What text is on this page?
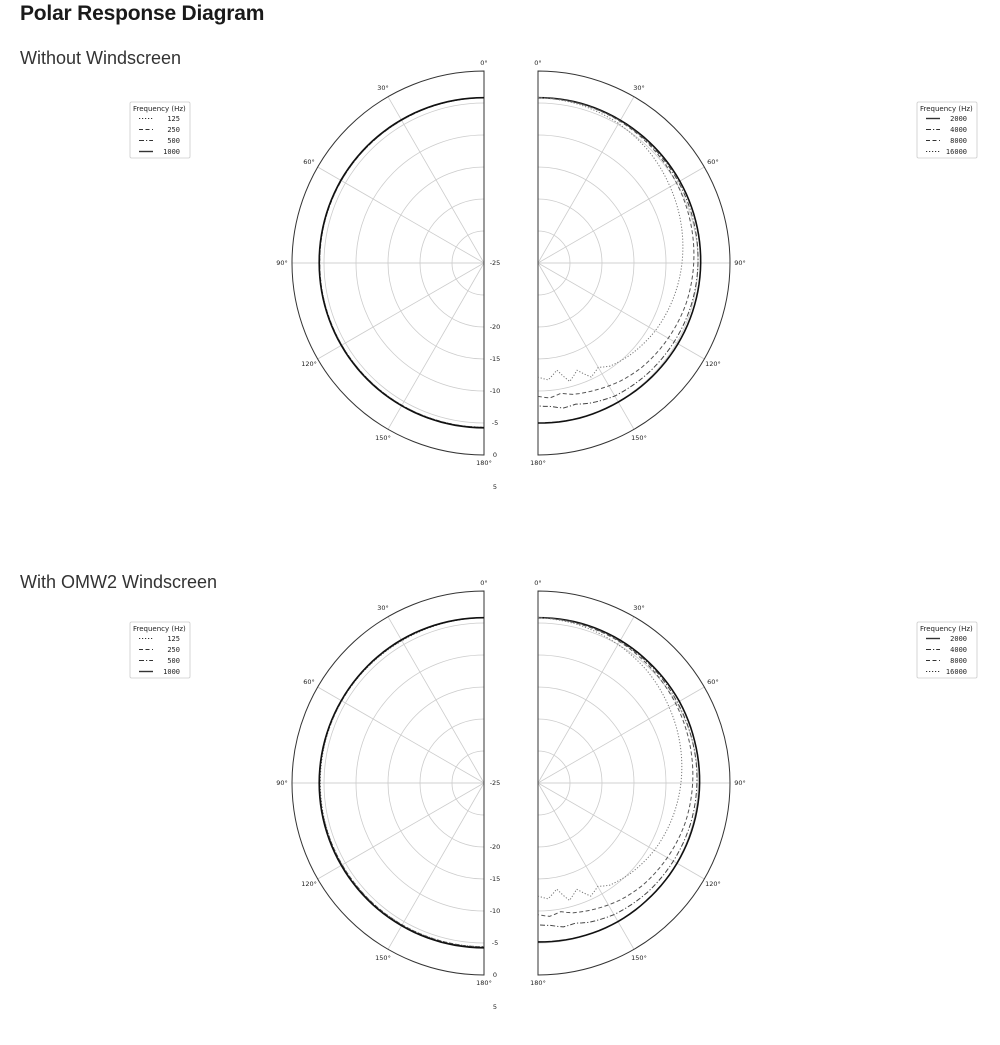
Polar Response Diagram
Without Windscreen	0°
30°
60°
90°
120°
150°
180°
-25
-20
-15
-10
-5
0
5
0°
30°
60°
90°
120°
150°
180°
Frequency (Hz)
125
250
500
1000
Frequency (Hz)
2000
4000
8000
16000
With OMW2 Windscreen	0°
30°
60°
90°
120°
150°
180°
-25
-20
-15
-10
-5
0
5
0°
30°
60°
90°
120°
150°
180°
Frequency (Hz)
125
250
500
1000
Frequency (Hz)
2000
4000
8000
16000
